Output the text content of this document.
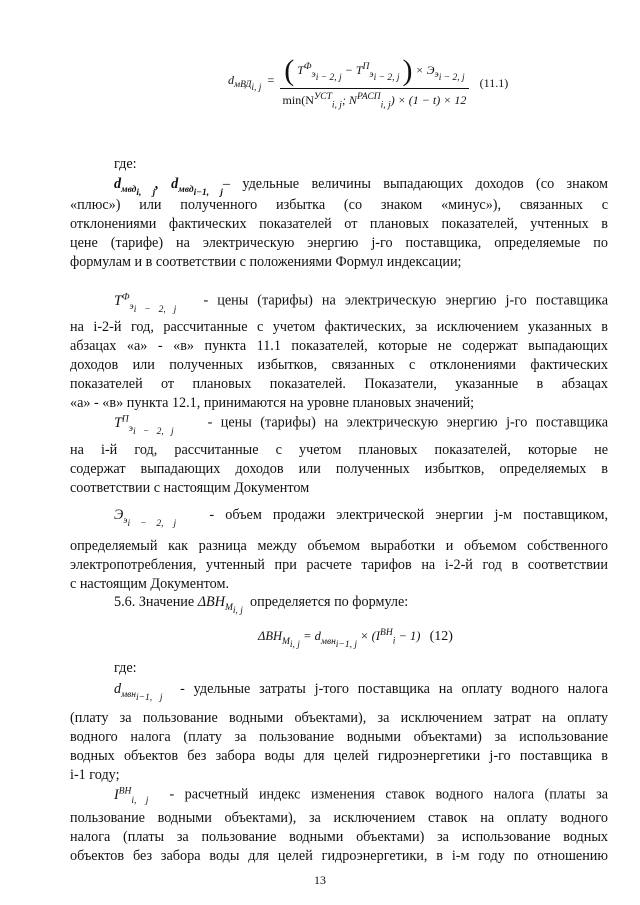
$d_{мВД_{i, j}}$  = ( $T^Ф_{э_{i - 2, j}} - T^П_{э_{i - 2, j}}$ ) × $Э_{э_{i - 2, j}}$
$\min(N^{УСТ}_{i, j}$; $N^{РАСП}_{i, j}) \times (1 - t) \times 12$
(11.1)
где:
$d_{мвд_{i, j}}$, $d_{мвд_{i-1, j}}-$ удельные величины выпадающих доходов (со знаком
«плюс») или полученного избытка (со знаком «минус»), связанных с
отклонениями фактических показателей от плановых показателей, учтенных в
цене (тарифе) на электрическую энергию j-го поставщика, определяемые по
формулам и в соответствии с положениями Формул индексации;
$T^Ф_{э_{i - 2, j}}$   - цены (тарифы) на электрическую энергию j-го поставщика
на i-2-й год, рассчитанные с учетом фактических, за исключением указанных в
абзацах «а» - «в» пункта 11.1 показателей, которые не содержат выпадающих
доходов или полученных избытков, связанных с отклонениями фактических
показателей от плановых показателей. Показатели, указанные в абзацах
«а» - «в» пункта 12.1, принимаются на уровне плановых значений;
$T^П_{э_{i - 2, j}}$    - цены (тарифы) на электрическую энергию j-го поставщика
на i-й год, рассчитанные с учетом плановых показателей, которые не
содержат выпадающих доходов или полученных избытков, определяемых в
соответствии с настоящим Документом
$Э_{э_{i - 2, j}}$   - объем продажи электрической энергии j-м поставщиком,
определяемый как разница между объемом выработки и объемом собственного
электропотребления, учтенный при расчете тарифов на i-2-й год в соответствии
с настоящим Документом.
5.6. Значение $\Delta ВН_{М_{i, j}}$  определяется по формуле:
$\Delta ВН_{М_{i, j}} = d_{мвн_{i-1, j}} \times (I^{ВН}_i - 1)$ (12)
где:
$d_{мвн_{i-1, j}}$  - удельные затраты j-того поставщика на оплату водного налога
(плату за пользование водными объектами), за исключением затрат на оплату
водного налога (плату за пользование водными объектами) за использование
водных объектов без забора воды для целей гидроэнергетики j-го поставщика в
i-1 году;
$I^{ВН}_{i, j}$ - расчетный индекс изменения ставок водного налога (платы за
пользование водными объектами), за исключением ставок на оплату водного
налога (платы за пользование водными объектами) за использование водных
объектов без забора воды для целей гидроэнергетики, в i-м году по отношению
13
